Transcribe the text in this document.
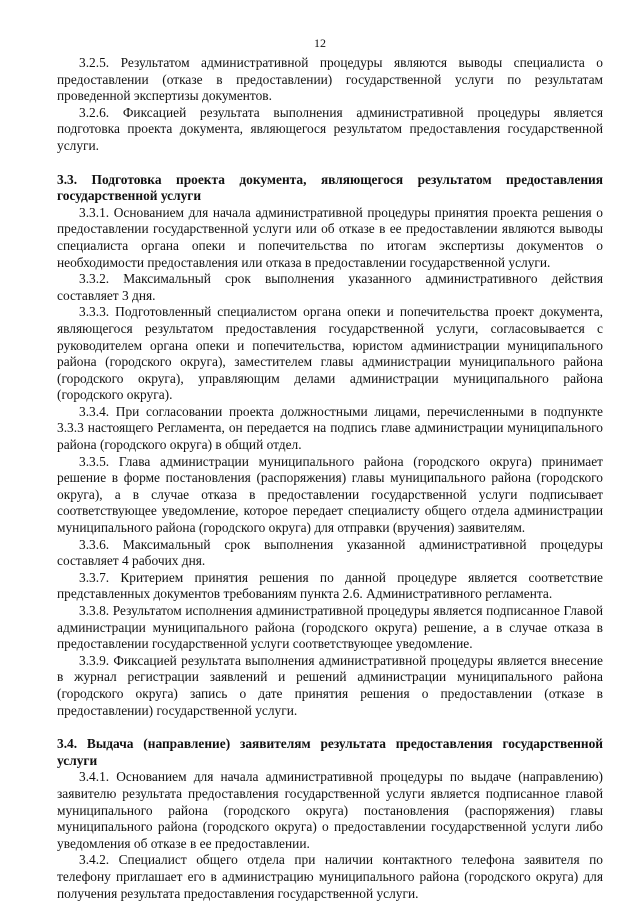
12

3.2.5. Результатом административной процедуры являются выводы специалиста о предоставлении (отказе в предоставлении) государственной услуги по результатам проведенной экспертизы документов.

3.2.6. Фиксацией результата выполнения административной процедуры является подготовка проекта документа, являющегося результатом предоставления государственной услуги.

3.3. Подготовка проекта документа, являющегося результатом предоставления государственной услуги

3.3.1. Основанием для начала административной процедуры принятия проекта решения о предоставлении государственной услуги или об отказе в ее предоставлении являются выводы специалиста органа опеки и попечительства по итогам экспертизы документов о необходимости предоставления или отказа в предоставлении государственной услуги.

3.3.2. Максимальный срок выполнения указанного административного действия составляет 3 дня.

3.3.3. Подготовленный специалистом органа опеки и попечительства проект документа, являющегося результатом предоставления государственной услуги, согласовывается с руководителем органа опеки и попечительства, юристом администрации муниципального района (городского округа), заместителем главы администрации муниципального района (городского округа), управляющим делами администрации муниципального района (городского округа).

3.3.4. При согласовании проекта должностными лицами, перечисленными в подпункте 3.3.3 настоящего Регламента, он передается на подпись главе администрации муниципального района (городского округа) в общий отдел.

3.3.5. Глава администрации муниципального района (городского округа) принимает решение в форме постановления (распоряжения) главы муниципального района (городского округа), а в случае отказа в предоставлении государственной услуги подписывает соответствующее уведомление, которое передает специалисту общего отдела администрации муниципального района (городского округа) для отправки (вручения) заявителям.

3.3.6. Максимальный срок выполнения указанной административной процедуры составляет 4 рабочих дня.

3.3.7. Критерием принятия решения по данной процедуре является соответствие представленных документов требованиям пункта 2.6. Административного регламента.

3.3.8. Результатом исполнения административной процедуры является подписанное Главой администрации муниципального района (городского округа) решение, а в случае отказа в предоставлении государственной услуги соответствующее уведомление.

3.3.9. Фиксацией результата выполнения административной процедуры является внесение в журнал регистрации заявлений и решений администрации муниципального района (городского округа) запись о дате принятия решения о предоставлении (отказе в предоставлении) государственной услуги.

3.4. Выдача (направление) заявителям результата предоставления государственной услуги

3.4.1. Основанием для начала административной процедуры по выдаче (направлению) заявителю результата предоставления государственной услуги является подписанное главой муниципального района (городского округа) постановления (распоряжения) главы муниципального района (городского округа) о предоставлении государственной услуги либо уведомления об отказе в ее предоставлении.

3.4.2. Специалист общего отдела при наличии контактного телефона заявителя по телефону приглашает его в администрацию муниципального района (городского округа) для получения результата предоставления государственной услуги.
